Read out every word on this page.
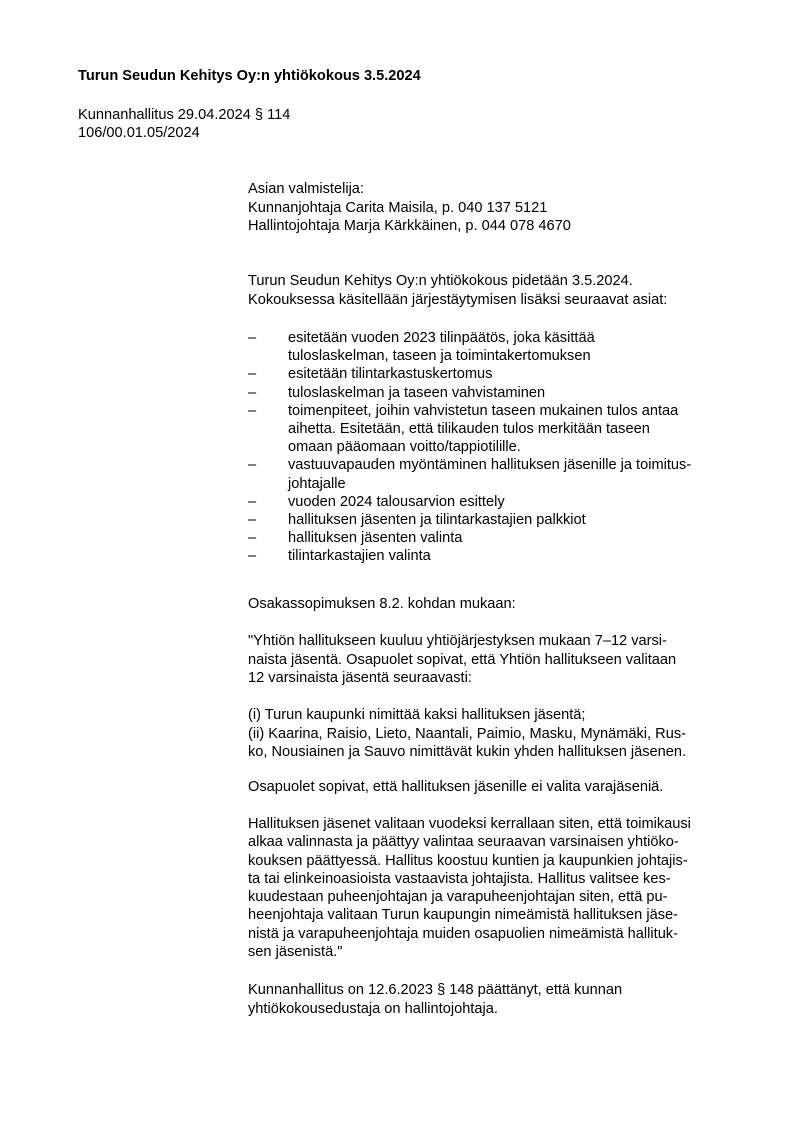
Turun Seudun Kehitys Oy:n yhtiökokous 3.5.2024
Kunnanhallitus 29.04.2024 § 114
106/00.01.05/2024
Asian valmistelija:
Kunnanjohtaja Carita Maisila, p. 040 137 5121
Hallintojohtaja Marja Kärkkäinen, p. 044 078 4670
Turun Seudun Kehitys Oy:n yhtiökokous pidetään 3.5.2024.
Kokouksessa käsitellään järjestäytymisen lisäksi seuraavat asiat:
– esitetään vuoden 2023 tilinpäätös, joka käsittää
tuloslaskelman, taseen ja toimintakertomuksen
– esitetään tilintarkastuskertomus
– tuloslaskelman ja taseen vahvistaminen
– toimenpiteet, joihin vahvistetun taseen mukainen tulos antaa
aihetta. Esitetään, että tilikauden tulos merkitään taseen
omaan pääomaan voitto/tappiotilille.
– vastuuvapauden myöntäminen hallituksen jäsenille ja toimitus-
johtajalle
– vuoden 2024 talousarvion esittely
– hallituksen jäsenten ja tilintarkastajien palkkiot
– hallituksen jäsenten valinta
– tilintarkastajien valinta
Osakassopimuksen 8.2. kohdan mukaan:
"Yhtiön hallitukseen kuuluu yhtiöjärjestyksen mukaan 7–12 varsi-
naista jäsentä. Osapuolet sopivat, että Yhtiön hallitukseen valitaan
12 varsinaista jäsentä seuraavasti:
(i) Turun kaupunki nimittää kaksi hallituksen jäsentä;
(ii) Kaarina, Raisio, Lieto, Naantali, Paimio, Masku, Mynämäki, Rus-
ko, Nousiainen ja Sauvo nimittävät kukin yhden hallituksen jäsenen.
Osapuolet sopivat, että hallituksen jäsenille ei valita varajäseniä.
Hallituksen jäsenet valitaan vuodeksi kerrallaan siten, että toimikausi
alkaa valinnasta ja päättyy valintaa seuraavan varsinaisen yhtiöko-
kouksen päättyessä. Hallitus koostuu kuntien ja kaupunkien johtajis-
ta tai elinkeinoasioista vastaavista johtajista. Hallitus valitsee kes-
kuudestaan puheenjohtajan ja varapuheenjohtajan siten, että pu-
heenjohtaja valitaan Turun kaupungin nimeämistä hallituksen jäse-
nistä ja varapuheenjohtaja muiden osapuolien nimeämistä hallituk-
sen jäsenistä."
Kunnanhallitus on 12.6.2023 § 148 päättänyt, että kunnan
yhtiökokousedustaja on hallintojohtaja.
